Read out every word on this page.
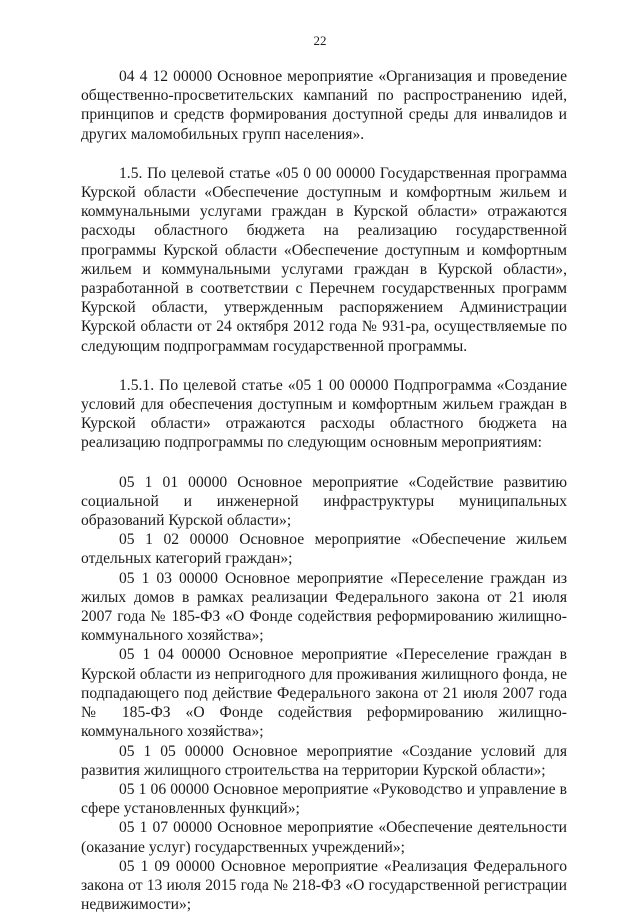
22

04 4 12 00000 Основное мероприятие «Организация и проведение общественно-просветительских кампаний по распространению идей, принципов и средств формирования доступной среды для инвалидов и других маломобильных групп населения».

1.5. По целевой статье «05 0 00 00000 Государственная программа Курской области «Обеспечение доступным и комфортным жильем и коммунальными услугами граждан в Курской области» отражаются расходы областного бюджета на реализацию государственной программы Курской области «Обеспечение доступным и комфортным жильем и коммунальными услугами граждан в Курской области», разработанной в соответствии с Перечнем государственных программ Курской области, утвержденным распоряжением Администрации Курской области от 24 октября 2012 года № 931-ра, осуществляемые по следующим подпрограммам государственной программы.

1.5.1. По целевой статье «05 1 00 00000 Подпрограмма «Создание условий для обеспечения доступным и комфортным жильем граждан в Курской области» отражаются расходы областного бюджета на реализацию подпрограммы по следующим основным мероприятиям:

05 1 01 00000 Основное мероприятие «Содействие развитию социальной и инженерной инфраструктуры муниципальных образований Курской области»;

05 1 02 00000 Основное мероприятие «Обеспечение жильем отдельных категорий граждан»;

05 1 03 00000 Основное мероприятие «Переселение граждан из жилых домов в рамках реализации Федерального закона от 21 июля 2007 года № 185-ФЗ «О Фонде содействия реформированию жилищно-коммунального хозяйства»;

05 1 04 00000 Основное мероприятие «Переселение граждан в Курской области из непригодного для проживания жилищного фонда, не подпадающего под действие Федерального закона от 21 июля 2007 года № 185-ФЗ «О Фонде содействия реформированию жилищно-коммунального хозяйства»;

05 1 05 00000 Основное мероприятие «Создание условий для развития жилищного строительства на территории Курской области»;

05 1 06 00000 Основное мероприятие «Руководство и управление в сфере установленных функций»;

05 1 07 00000 Основное мероприятие «Обеспечение деятельности (оказание услуг) государственных учреждений»;

05 1 09 00000 Основное мероприятие «Реализация Федерального закона от 13 июля 2015 года № 218-ФЗ «О государственной регистрации недвижимости»;
